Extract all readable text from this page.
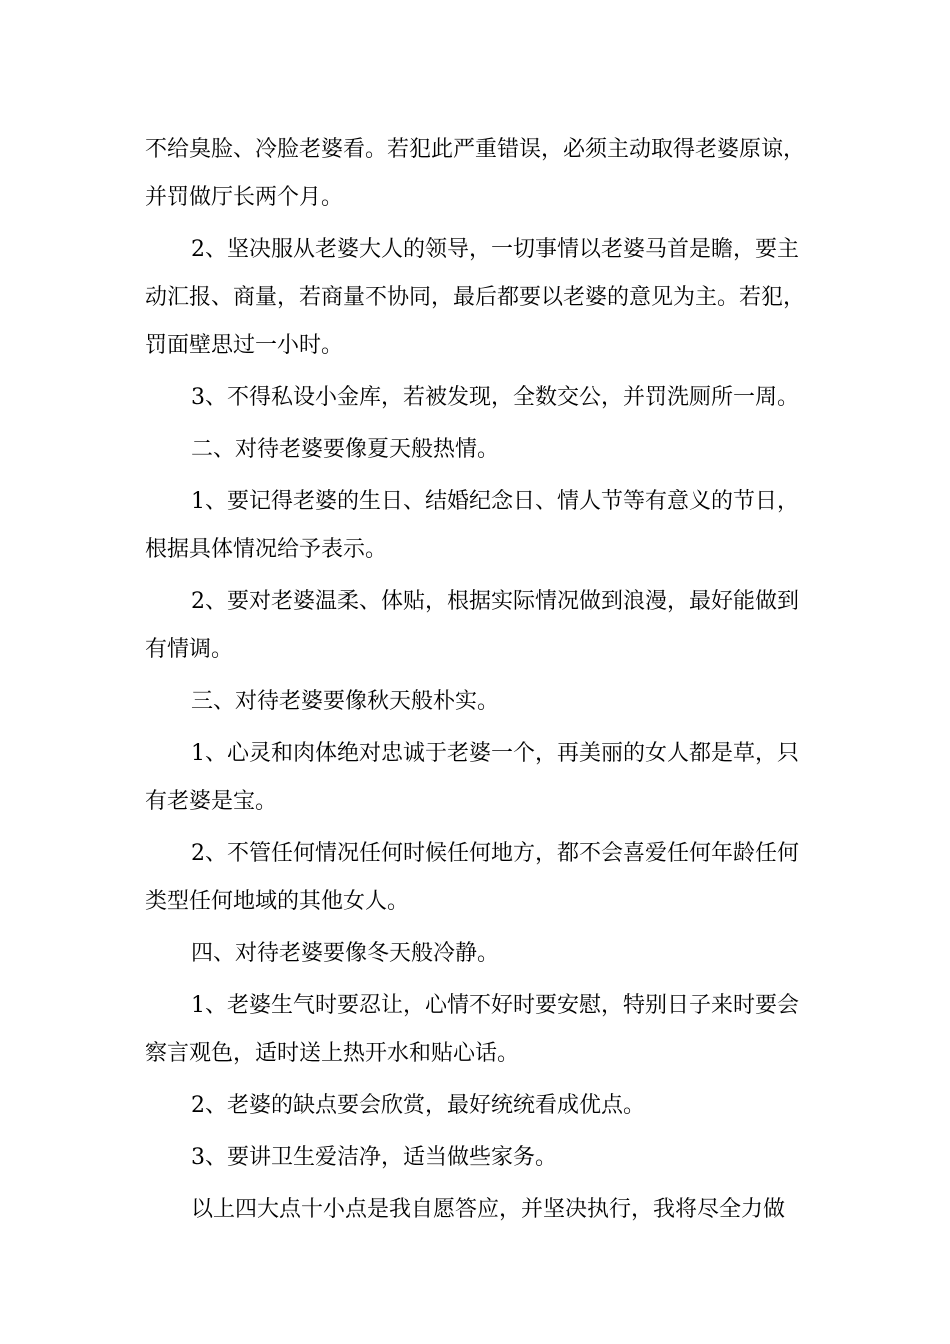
不给臭脸、冷脸老婆看。若犯此严重错误，必须主动取得老婆原谅，
并罚做厅长两个月。
2、坚决服从老婆大人的领导，一切事情以老婆马首是瞻，要主
动汇报、商量，若商量不协同，最后都要以老婆的意见为主。若犯，
罚面壁思过一小时。
3、不得私设小金库，若被发现，全数交公，并罚洗厕所一周。
二、对待老婆要像夏天般热情。
1、要记得老婆的生日、结婚纪念日、情人节等有意义的节日，
根据具体情况给予表示。
2、要对老婆温柔、体贴，根据实际情况做到浪漫，最好能做到
有情调。
三、对待老婆要像秋天般朴实。
1、心灵和肉体绝对忠诚于老婆一个，再美丽的女人都是草，只
有老婆是宝。
2、不管任何情况任何时候任何地方，都不会喜爱任何年龄任何
类型任何地域的其他女人。
四、对待老婆要像冬天般冷静。
1、老婆生气时要忍让，心情不好时要安慰，特别日子来时要会
察言观色，适时送上热开水和贴心话。
2、老婆的缺点要会欣赏，最好统统看成优点。
3、要讲卫生爱洁净，适当做些家务。
以上四大点十小点是我自愿答应，并坚决执行，我将尽全力做
